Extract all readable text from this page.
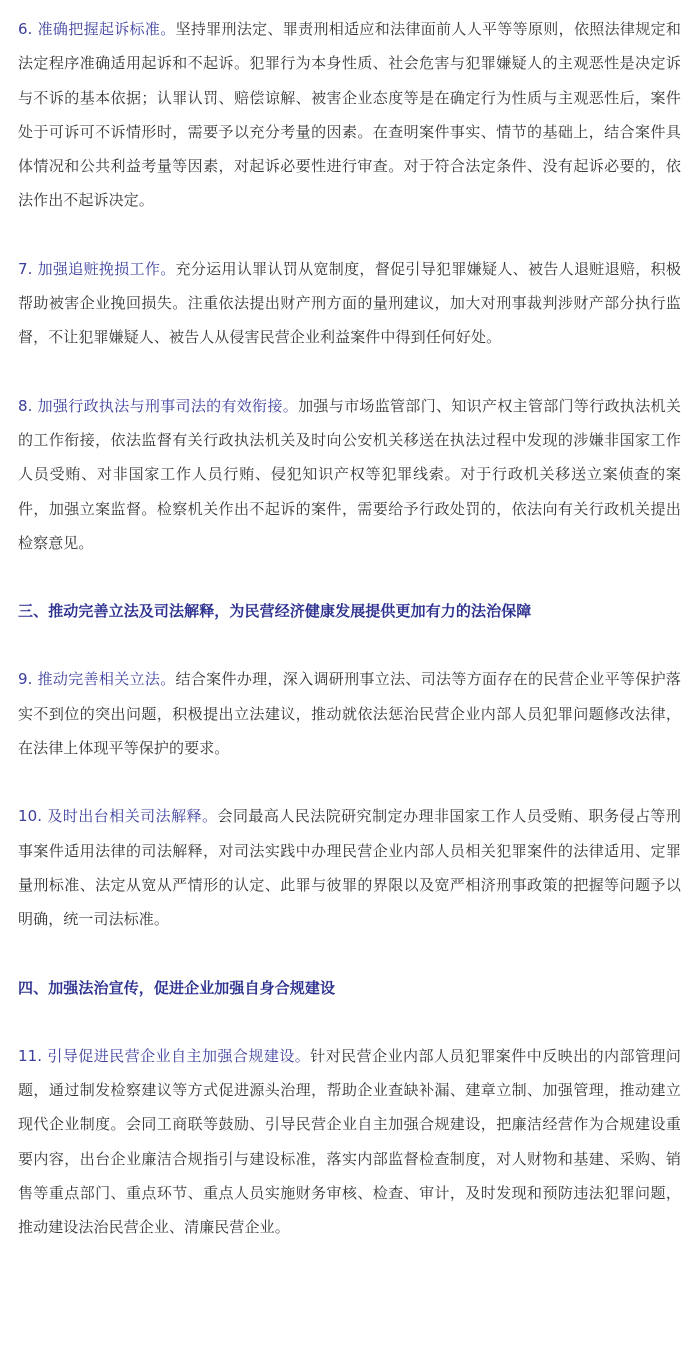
6. 准确把握起诉标准。坚持罪刑法定、罪责刑相适应和法律面前人人平等等原则，依照法律规定和法定程序准确适用起诉和不起诉。犯罪行为本身性质、社会危害与犯罪嫌疑人的主观恶性是决定诉与不诉的基本依据；认罪认罚、赔偿谅解、被害企业态度等是在确定行为性质与主观恶性后，案件处于可诉可不诉情形时，需要予以充分考量的因素。在查明案件事实、情节的基础上，结合案件具体情况和公共利益考量等因素，对起诉必要性进行审查。对于符合法定条件、没有起诉必要的，依法作出不起诉决定。

7. 加强追赃挽损工作。充分运用认罪认罚从宽制度，督促引导犯罪嫌疑人、被告人退赃退赔，积极帮助被害企业挽回损失。注重依法提出财产刑方面的量刑建议，加大对刑事裁判涉财产部分执行监督，不让犯罪嫌疑人、被告人从侵害民营企业利益案件中得到任何好处。

8. 加强行政执法与刑事司法的有效衔接。加强与市场监管部门、知识产权主管部门等行政执法机关的工作衔接，依法监督有关行政执法机关及时向公安机关移送在执法过程中发现的涉嫌非国家工作人员受贿、对非国家工作人员行贿、侵犯知识产权等犯罪线索。对于行政机关移送立案侦查的案件，加强立案监督。检察机关作出不起诉的案件，需要给予行政处罚的，依法向有关行政机关提出检察意见。

三、推动完善立法及司法解释，为民营经济健康发展提供更加有力的法治保障

9. 推动完善相关立法。结合案件办理，深入调研刑事立法、司法等方面存在的民营企业平等保护落实不到位的突出问题，积极提出立法建议，推动就依法惩治民营企业内部人员犯罪问题修改法律，在法律上体现平等保护的要求。

10. 及时出台相关司法解释。会同最高人民法院研究制定办理非国家工作人员受贿、职务侵占等刑事案件适用法律的司法解释，对司法实践中办理民营企业内部人员相关犯罪案件的法律适用、定罪量刑标准、法定从宽从严情形的认定、此罪与彼罪的界限以及宽严相济刑事政策的把握等问题予以明确，统一司法标准。

四、加强法治宣传，促进企业加强自身合规建设

11. 引导促进民营企业自主加强合规建设。针对民营企业内部人员犯罪案件中反映出的内部管理问题，通过制发检察建议等方式促进源头治理，帮助企业查缺补漏、建章立制、加强管理，推动建立现代企业制度。会同工商联等鼓励、引导民营企业自主加强合规建设，把廉洁经营作为合规建设重要内容，出台企业廉洁合规指引与建设标准，落实内部监督检查制度，对人财物和基建、采购、销售等重点部门、重点环节、重点人员实施财务审核、检查、审计，及时发现和预防违法犯罪问题，推动建设法治民营企业、清廉民营企业。
